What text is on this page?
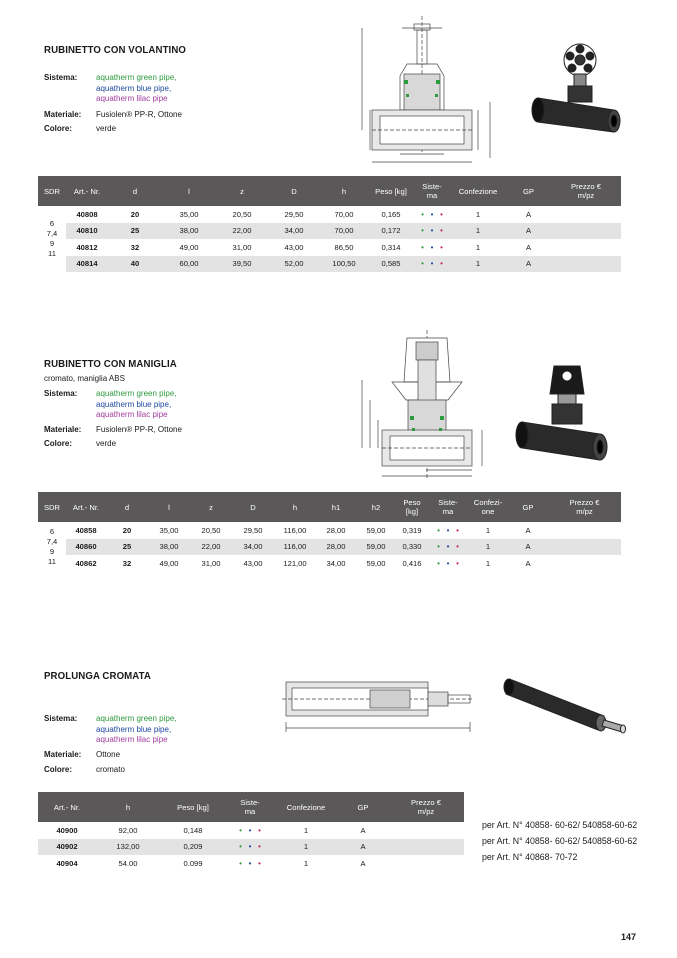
RUBINETTO CON VOLANTINO
Sistema: aquatherm green pipe,
aquatherm blue pipe,
aquatherm lilac pipe
Materiale: Fusiolen® PP-R, Ottone
Colore:	verde
SDR	Art.- Nr.	d	l	z	D	h	Peso [kg]	Siste-
ma	Confezione	GP	Prezzo €
m/pz

6
7,4
9
11	40808	20	35,00	20,50	29,50	70,00	0,165	• • •	1	A	
	40810	25	38,00	22,00	34,00	70,00	0,172	• • •	1	A	
	40812	32	49,00	31,00	43,00	86,50	0,314	• • •	1	A	
	40814	40	60,00	39,50	52,00	100,50	0,585	• • •	1	A	
RUBINETTO CON MANIGLIA
cromato, maniglia ABS
Sistema: aquatherm green pipe,
aquatherm blue pipe,
aquatherm lilac pipe
Materiale: Fusiolen® PP-R, Ottone
Colore:	verde
SDR	Art.- Nr.	d	l	z	D	h	h1	h2	Peso
[kg]	Siste-
ma	Confezi-
one	GP	Prezzo €
m/pz

6
7,4
9
11	40858	20	35,00	20,50	29,50	116,00	28,00	59,00	0,319	• • •	1	A	
	40860	25	38,00	22,00	34,00	116,00	28,00	59,00	0,330	• • •	1	A	
	40862	32	49,00	31,00	43,00	121,00	34,00	59,00	0,416	• • •	1	A	
PROLUNGA CROMATA
Sistema: aquatherm green pipe,
aquatherm blue pipe,
aquatherm lilac pipe
Materiale: Ottone
Colore:	cromato
Art.- Nr.	h	Peso [kg]	Siste-
ma	Confezione	GP	Prezzo €
m/pz
40900	92,00	0,148	• • •	1	A	
40902	132,00	0,209	• • •	1	A	
40904	54.00	0.099	• • •	1	A	
per Art. N° 40858- 60-62/ 540858-60-62
per Art. N° 40858- 60-62/ 540858-60-62
per Art. N° 40868- 70-72
147
